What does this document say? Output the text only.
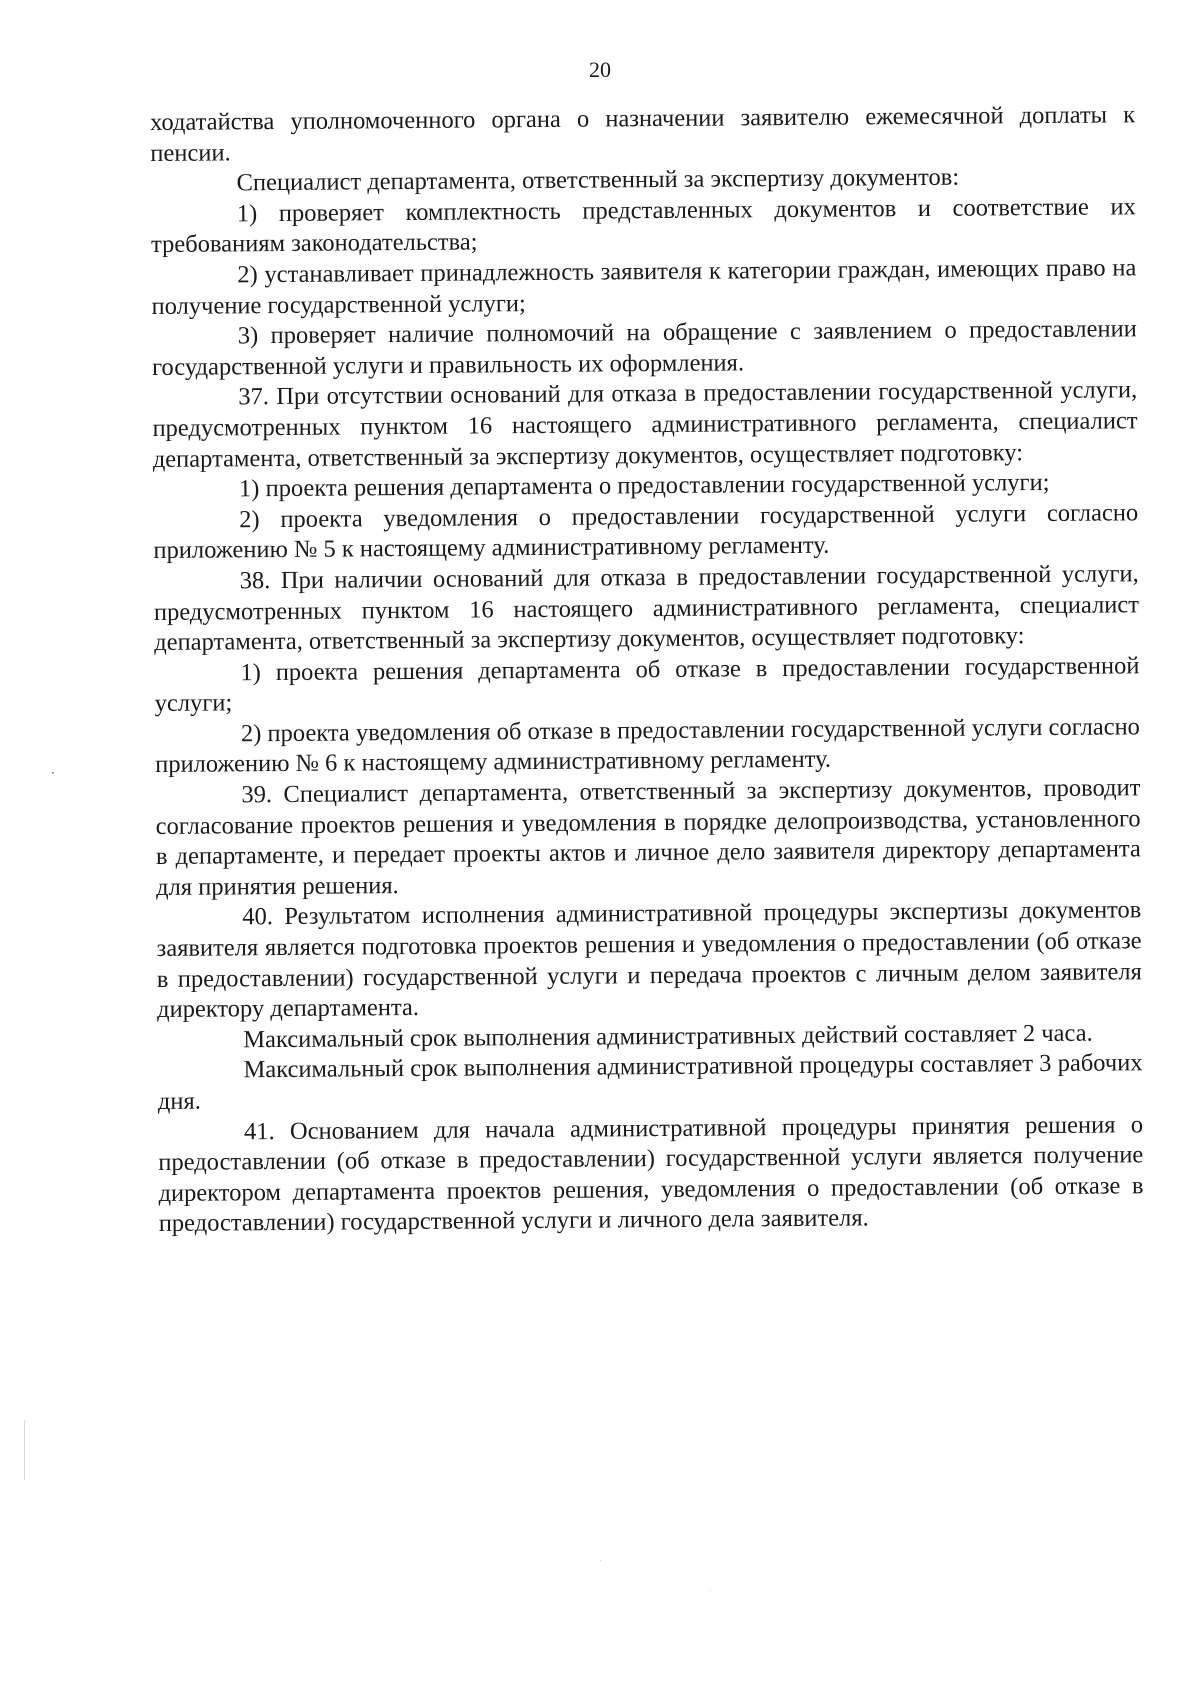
20

ходатайства уполномоченного органа о назначении заявителю ежемесячной доплаты к пенсии.

Специалист департамента, ответственный за экспертизу документов:

1) проверяет комплектность представленных документов и соответствие их требованиям законодательства;

2) устанавливает принадлежность заявителя к категории граждан, имеющих право на получение государственной услуги;

3) проверяет наличие полномочий на обращение с заявлением о предоставлении государственной услуги и правильность их оформления.

37. При отсутствии оснований для отказа в предоставлении государственной услуги, предусмотренных пунктом 16 настоящего административного регламента, специалист департамента, ответственный за экспертизу документов, осуществляет подготовку:

1) проекта решения департамента о предоставлении государственной услуги;

2) проекта уведомления о предоставлении государственной услуги согласно приложению № 5 к настоящему административному регламенту.

38. При наличии оснований для отказа в предоставлении государственной услуги, предусмотренных пунктом 16 настоящего административного регламента, специалист департамента, ответственный за экспертизу документов, осуществляет подготовку:

1) проекта решения департамента об отказе в предоставлении государственной услуги;

2) проекта уведомления об отказе в предоставлении государственной услуги согласно приложению № 6 к настоящему административному регламенту.

39. Специалист департамента, ответственный за экспертизу документов, проводит согласование проектов решения и уведомления в порядке делопроизводства, установленного в департаменте, и передает проекты актов и личное дело заявителя директору департамента для принятия решения.

40. Результатом исполнения административной процедуры экспертизы документов заявителя является подготовка проектов решения и уведомления о предоставлении (об отказе в предоставлении) государственной услуги и передача проектов с личным делом заявителя директору департамента.

Максимальный срок выполнения административных действий составляет 2 часа.

Максимальный срок выполнения административной процедуры составляет 3 рабочих дня.

41. Основанием для начала административной процедуры принятия решения о предоставлении (об отказе в предоставлении) государственной услуги является получение директором департамента проектов решения, уведомления о предоставлении (об отказе в предоставлении) государственной услуги и личного дела заявителя.
